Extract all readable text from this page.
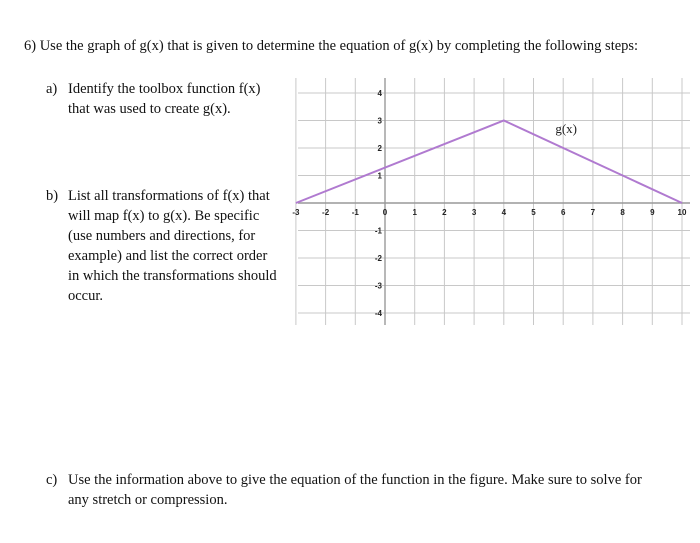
6) Use the graph of g(x) that is given to determine the equation of g(x) by completing the following steps:
a) Identify the toolbox function f(x)
that was used to create g(x).
b) List all transformations of f(x) that
will map f(x) to g(x). Be specific
(use numbers and directions, for
example) and list the correct order
in which the transformations should
occur.
c) Use the information above to give the equation of the function in the figure. Make sure to solve for
any stretch or compression.
-3	-2	-1	0	1	2	3	4	5	6	7	8	9	10
4
3
2
1
-1
-2
-3
-4
g(x)
